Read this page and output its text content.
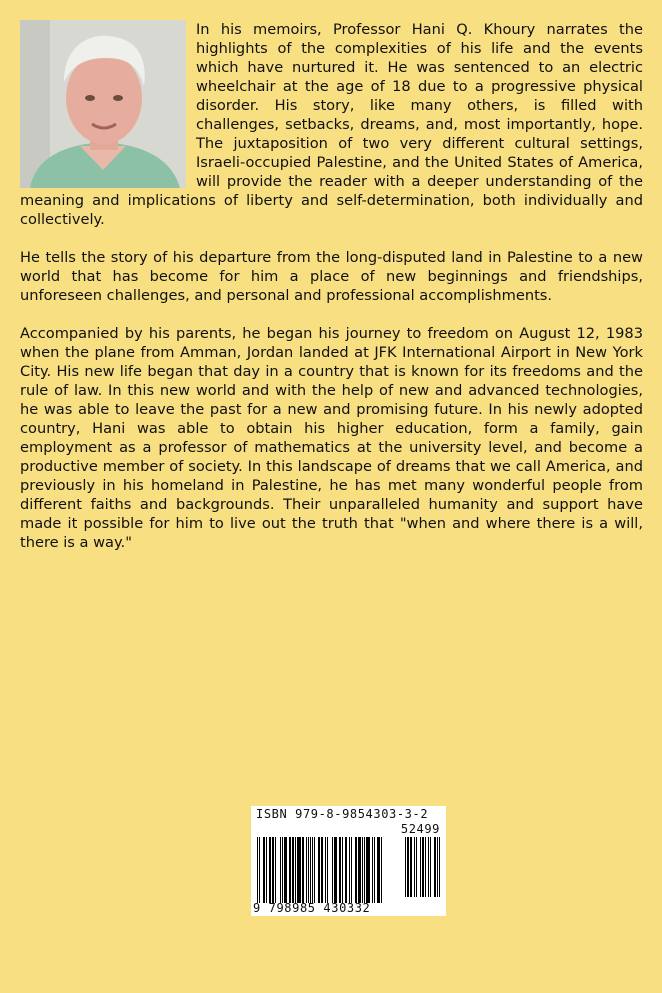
In his memoirs, Professor Hani Q. Khoury narrates the highlights of the complexities of his life and the events which have nurtured it. He was sentenced to an electric wheelchair at the age of 18 due to a progressive physical disorder. His story, like many others, is filled with challenges, setbacks, dreams, and, most importantly, hope. The juxtaposition of two very different cultural settings, Israeli-occupied Palestine, and the United States of America, will provide the reader with a deeper understanding of the meaning and implications of liberty and self-determination, both individually and collectively.

He tells the story of his departure from the long-disputed land in Palestine to a new world that has become for him a place of new beginnings and friendships, unforeseen challenges, and personal and professional accomplishments.

Accompanied by his parents, he began his journey to freedom on August 12, 1983 when the plane from Amman, Jordan landed at JFK International Airport in New York City. His new life began that day in a country that is known for its freedoms and the rule of law. In this new world and with the help of new and advanced technologies, he was able to leave the past for a new and promising future. In his newly adopted country, Hani was able to obtain his higher education, form a family, gain employment as a professor of mathematics at the university level, and become a productive member of society. In this landscape of dreams that we call America, and previously in his homeland in Palestine, he has met many wonderful people from different faiths and backgrounds. Their unparalleled humanity and support have made it possible for him to live out the truth that "when and where there is a will, there is a way."

ISBN 979-8-9854303-3-2
52499
9 798985 430332
